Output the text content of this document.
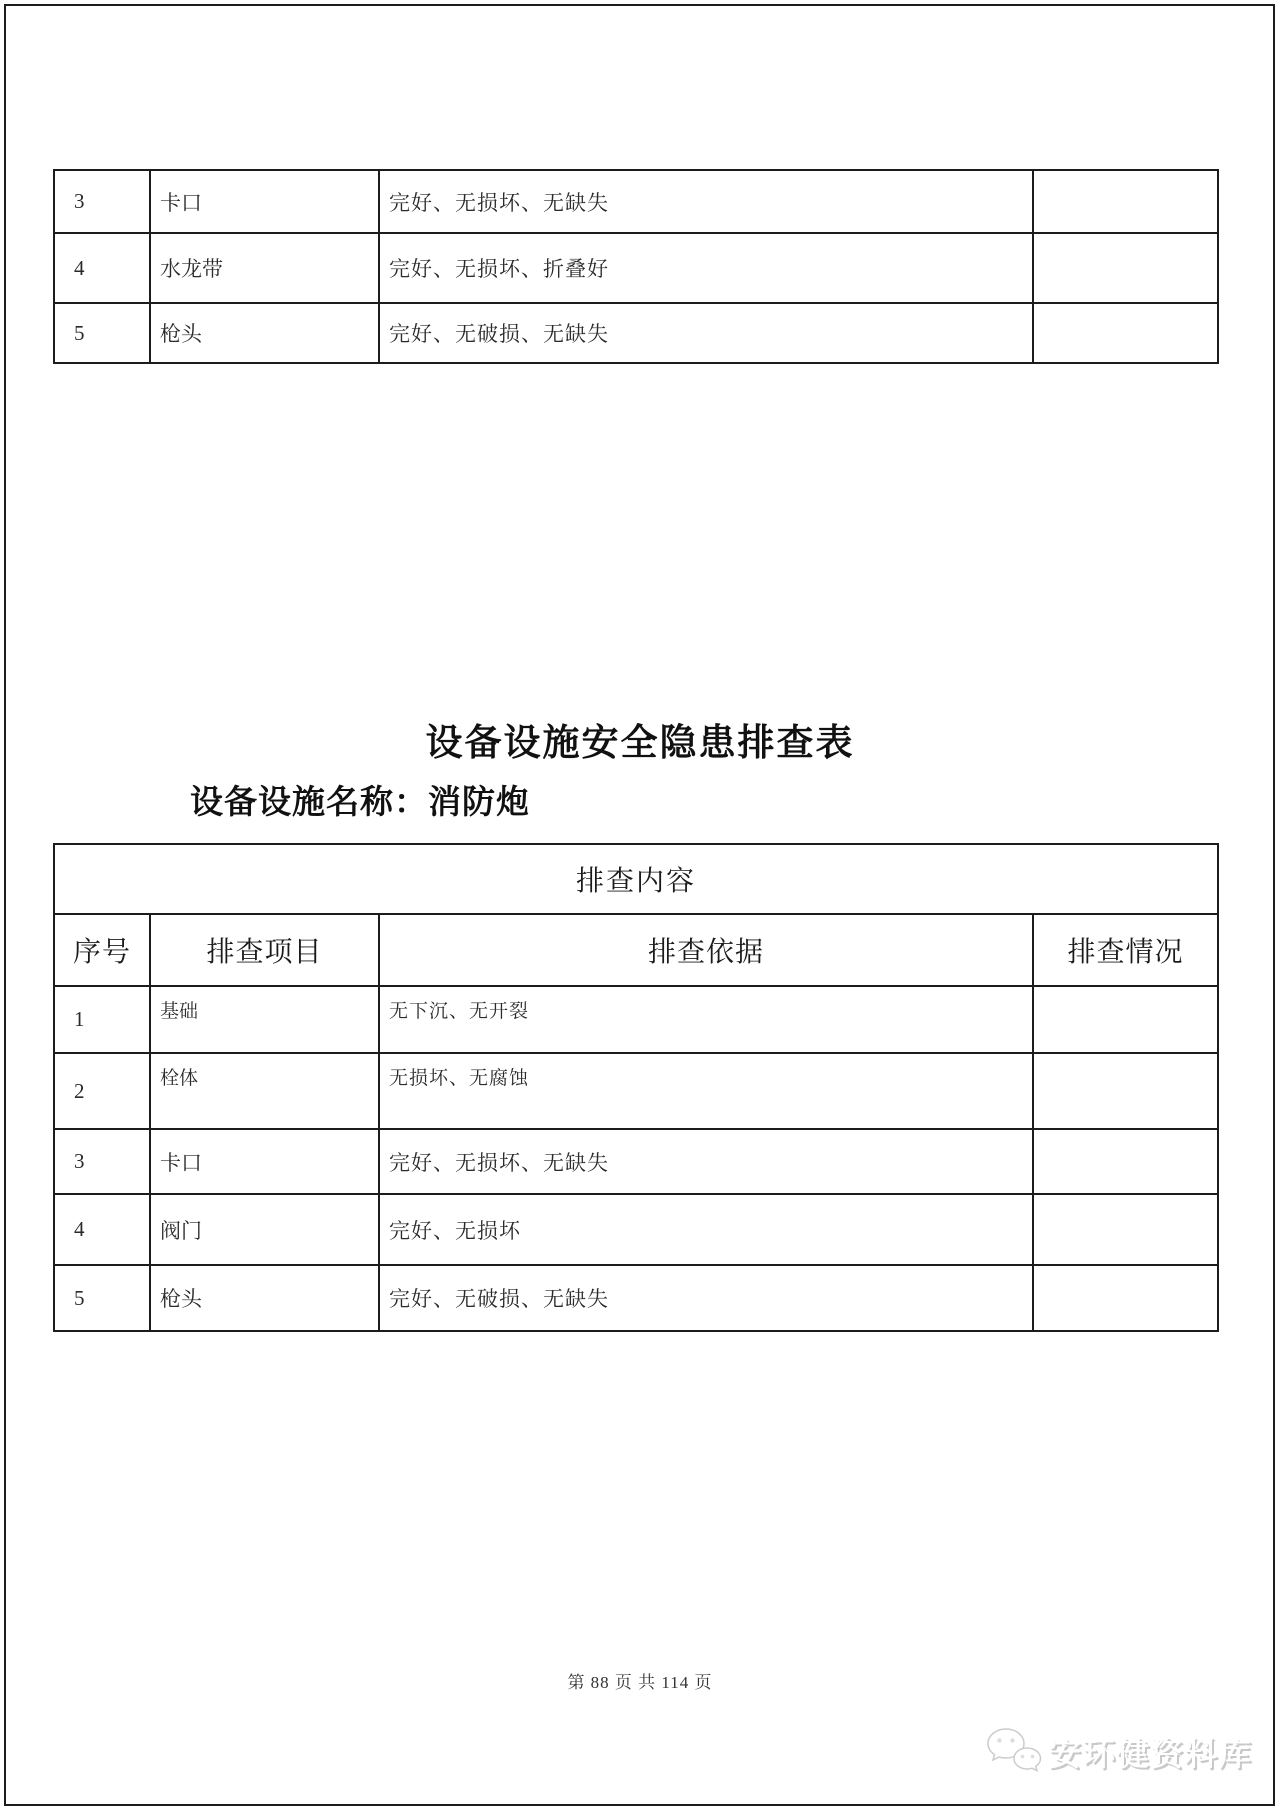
3	卡口	完好、无损坏、无缺失	
4	水龙带	完好、无损坏、折叠好	
5	枪头	完好、无破损、无缺失	
设备设施安全隐患排查表
设备设施名称：消防炮
排查内容			
序号	排查项目	排查依据	排查情况
1	基础	无下沉、无开裂	
2	栓体	无损坏、无腐蚀	
3	卡口	完好、无损坏、无缺失	
4	阀门	完好、无损坏	
5	枪头	完好、无破损、无缺失	
第 88 页 共 114 页
安环健资料库
